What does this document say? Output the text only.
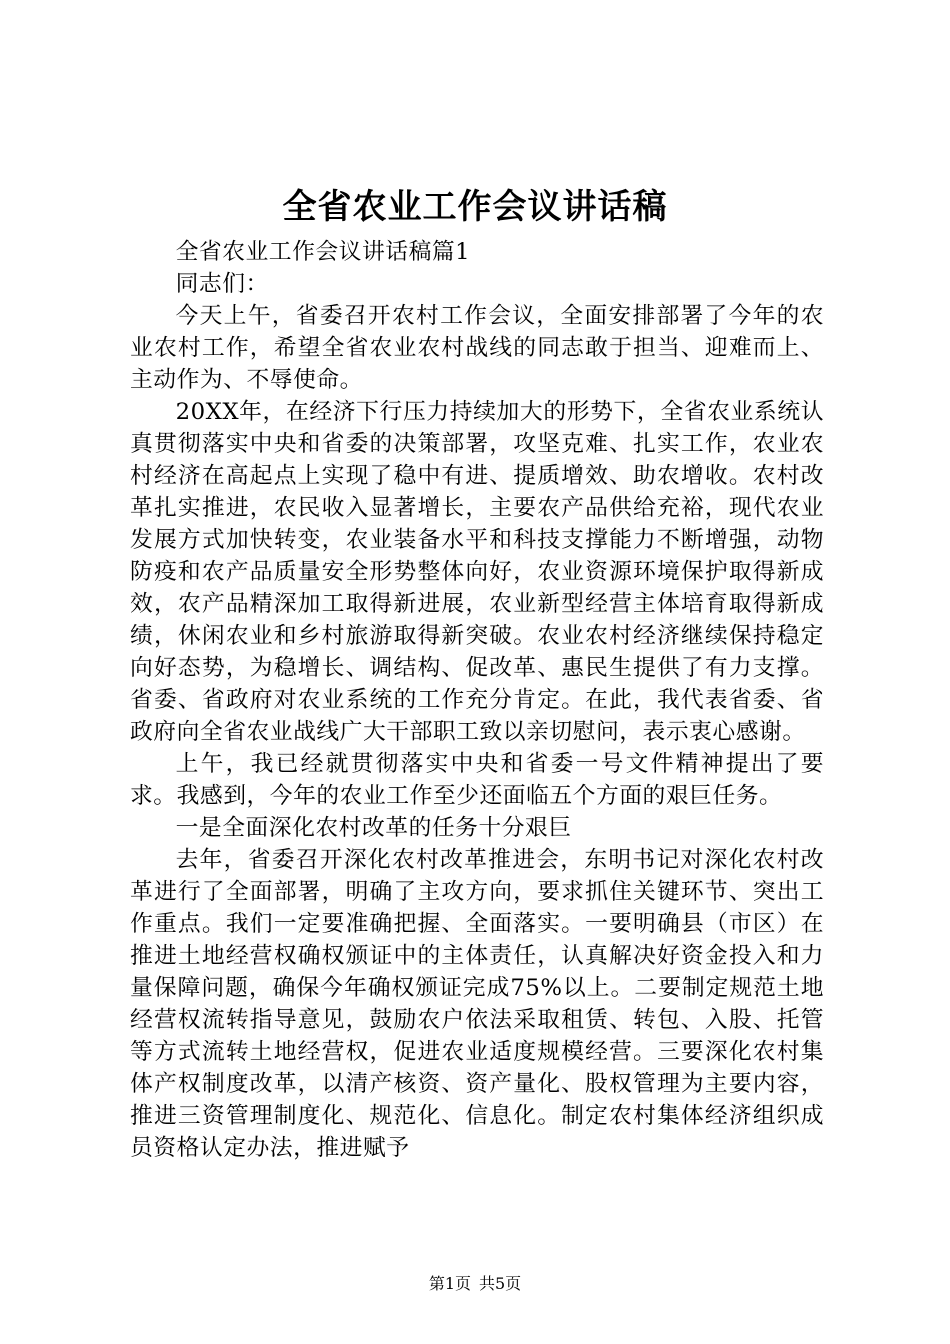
全省农业工作会议讲话稿

全省农业工作会议讲话稿篇1

同志们：

今天上午，省委召开农村工作会议，全面安排部署了今年的农业农村工作，希望全省农业农村战线的同志敢于担当、迎难而上、主动作为、不辱使命。

20XX年，在经济下行压力持续加大的形势下，全省农业系统认真贯彻落实中央和省委的决策部署，攻坚克难、扎实工作，农业农村经济在高起点上实现了稳中有进、提质增效、助农增收。农村改革扎实推进，农民收入显著增长，主要农产品供给充裕，现代农业发展方式加快转变，农业装备水平和科技支撑能力不断增强，动物防疫和农产品质量安全形势整体向好，农业资源环境保护取得新成效，农产品精深加工取得新进展，农业新型经营主体培育取得新成绩，休闲农业和乡村旅游取得新突破。农业农村经济继续保持稳定向好态势，为稳增长、调结构、促改革、惠民生提供了有力支撑。省委、省政府对农业系统的工作充分肯定。在此，我代表省委、省政府向全省农业战线广大干部职工致以亲切慰问，表示衷心感谢。

上午，我已经就贯彻落实中央和省委一号文件精神提出了要求。我感到，今年的农业工作至少还面临五个方面的艰巨任务。

一是全面深化农村改革的任务十分艰巨

去年，省委召开深化农村改革推进会，东明书记对深化农村改革进行了全面部署，明确了主攻方向，要求抓住关键环节、突出工作重点。我们一定要准确把握、全面落实。一要明确县（市区）在推进土地经营权确权颁证中的主体责任，认真解决好资金投入和力量保障问题，确保今年确权颁证完成75%以上。二要制定规范土地经营权流转指导意见，鼓励农户依法采取租赁、转包、入股、托管等方式流转土地经营权，促进农业适度规模经营。三要深化农村集体产权制度改革，以清产核资、资产量化、股权管理为主要内容，推进三资管理制度化、规范化、信息化。制定农村集体经济组织成员资格认定办法，推进赋予

第1页 共5页
